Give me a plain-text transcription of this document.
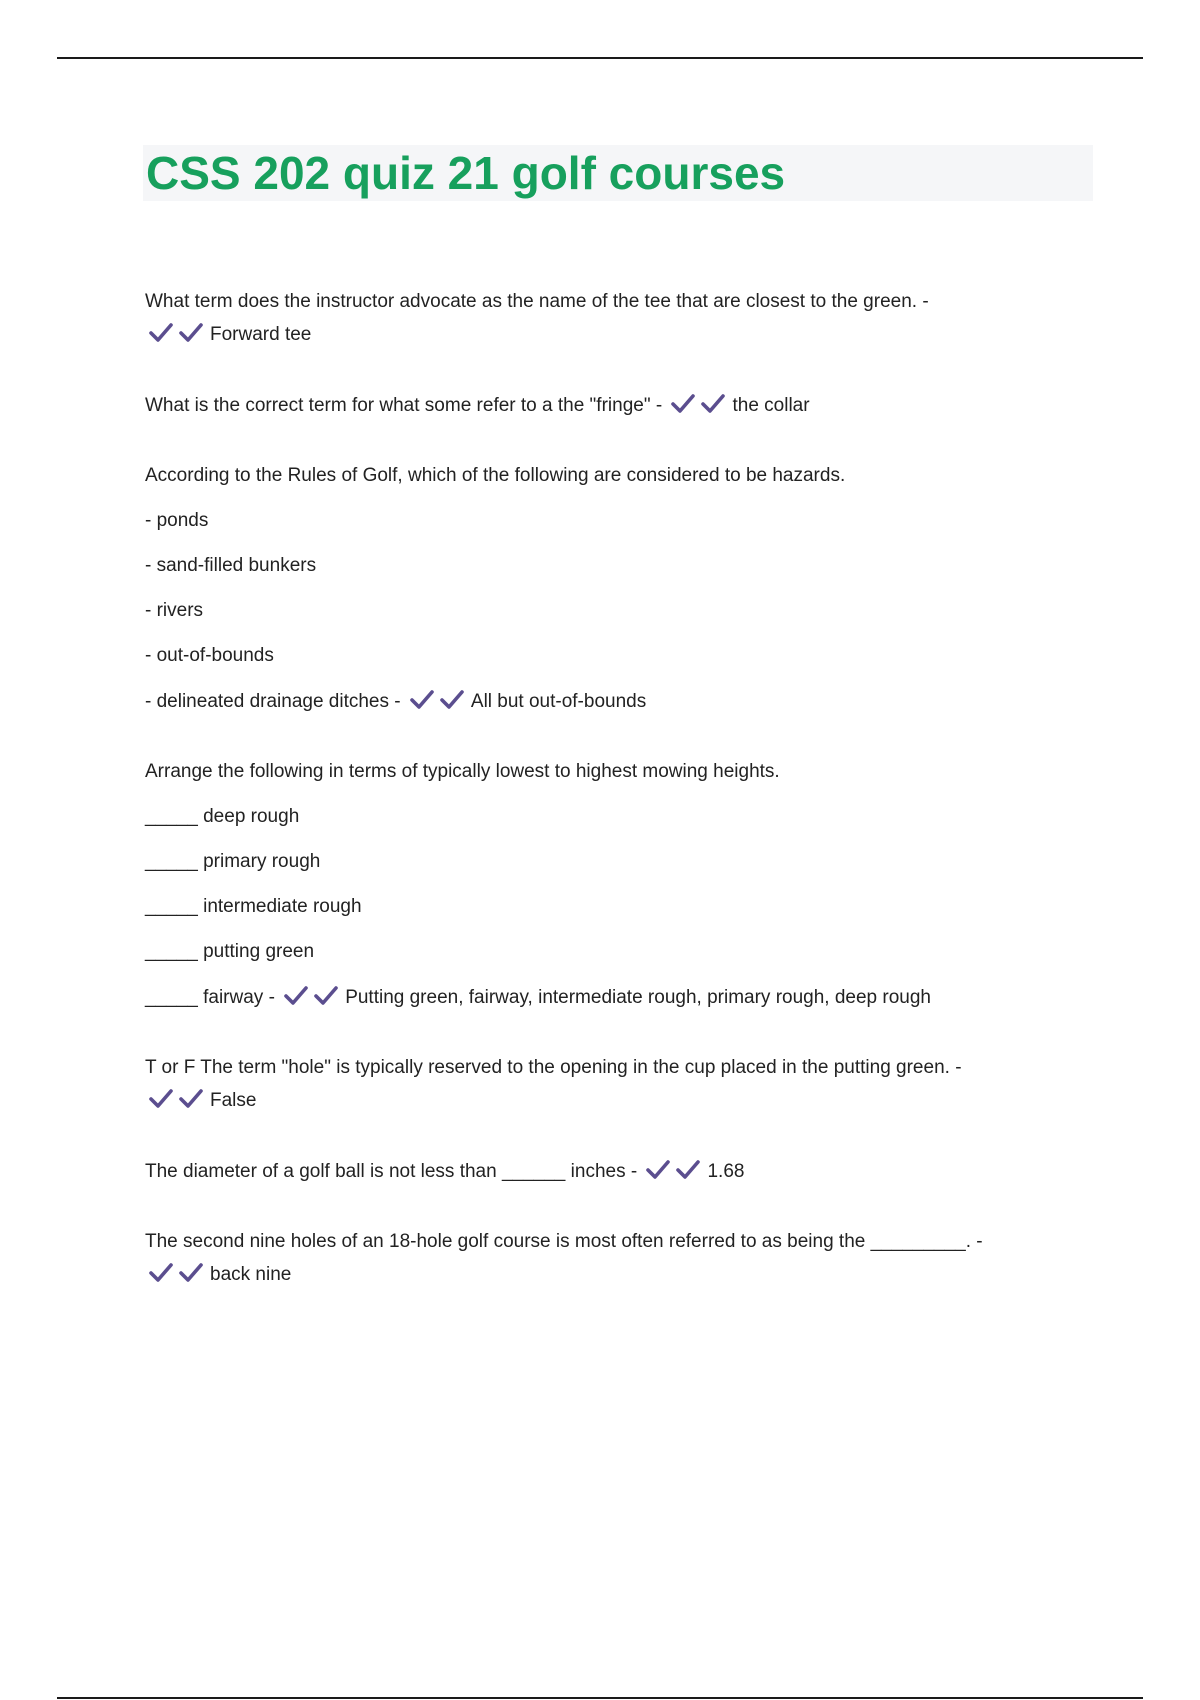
CSS 202 quiz 21 golf courses
What term does the instructor advocate as the name of the tee that are closest to the green. -
Forward tee
What is the correct term for what some refer to a the "fringe" -	the collar
According to the Rules of Golf, which of the following are considered to be hazards.
- ponds
- sand-filled bunkers
- rivers
- out-of-bounds
- delineated drainage ditches -	All but out-of-bounds
Arrange the following in terms of typically lowest to highest mowing heights.
_____ deep rough
_____ primary rough
_____ intermediate rough
_____ putting green
_____ fairway -	Putting green, fairway, intermediate rough, primary rough, deep rough
T or F The term "hole" is typically reserved to the opening in the cup placed in the putting green. -
False
The diameter of a golf ball is not less than ______ inches -	1.68
The second nine holes of an 18-hole golf course is most often referred to as being the _________. -
back nine
